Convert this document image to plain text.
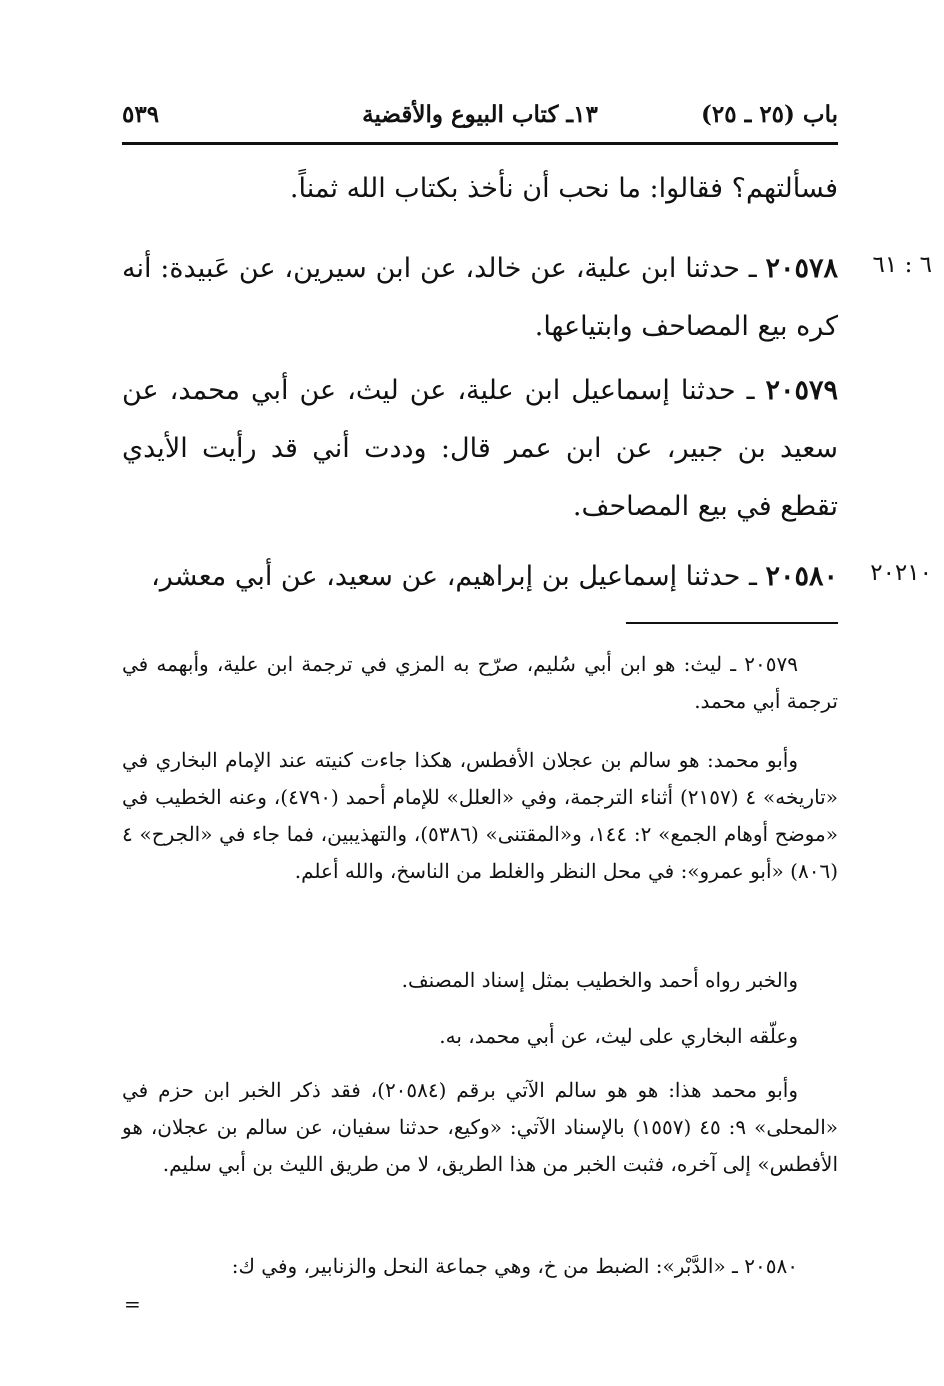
باب (٢٥ ـ ٢٥)
١٣ـ كتاب البيوع والأقضية
٥٣٩
فسألتهم؟ فقالوا: ما نحب أن نأخذ بكتاب الله ثمناً.
٦ : ٦١
٢٠٥٧٨ ـ حدثنا ابن علية، عن خالد، عن ابن سيرين، عن عَبيدة: أنه كره بيع المصاحف وابتياعها.
٢٠٥٧٩ ـ حدثنا إسماعيل ابن علية، عن ليث، عن أبي محمد، عن سعيد بن جبير، عن ابن عمر قال: وددت أني قد رأيت الأيدي تقطع في بيع المصاحف.
٢٠٢١٠
٢٠٥٨٠ ـ حدثنا إسماعيل بن إبراهيم، عن سعيد، عن أبي معشر،
٢٠٥٧٩ ـ ليث: هو ابن أبي سُليم، صرّح به المزي في ترجمة ابن علية، وأبهمه في ترجمة أبي محمد.
وأبو محمد: هو سالم بن عجلان الأفطس، هكذا جاءت كنيته عند الإمام البخاري في «تاريخه» ٤ (٢١٥٧) أثناء الترجمة، وفي «العلل» للإمام أحمد (٤٧٩٠)، وعنه الخطيب في «موضح أوهام الجمع» ٢: ١٤٤، و«المقتنى» (٥٣٨٦)، والتهذيبين، فما جاء في «الجرح» ٤ (٨٠٦) «أبو عمرو»: في محل النظر والغلط من الناسخ، والله أعلم.
والخبر رواه أحمد والخطيب بمثل إسناد المصنف.
وعلّقه البخاري على ليث، عن أبي محمد، به.
وأبو محمد هذا: هو هو سالم الآتي برقم (٢٠٥٨٤)، فقد ذكر الخبر ابن حزم في «المحلى» ٩: ٤٥ (١٥٥٧) بالإسناد الآتي: «وكيع، حدثنا سفيان، عن سالم بن عجلان، هو الأفطس» إلى آخره، فثبت الخبر من هذا الطريق، لا من طريق الليث بن أبي سليم.
٢٠٥٨٠ ـ «الدَّبْر»: الضبط من خ، وهي جماعة النحل والزنابير، وفي ك:
=
